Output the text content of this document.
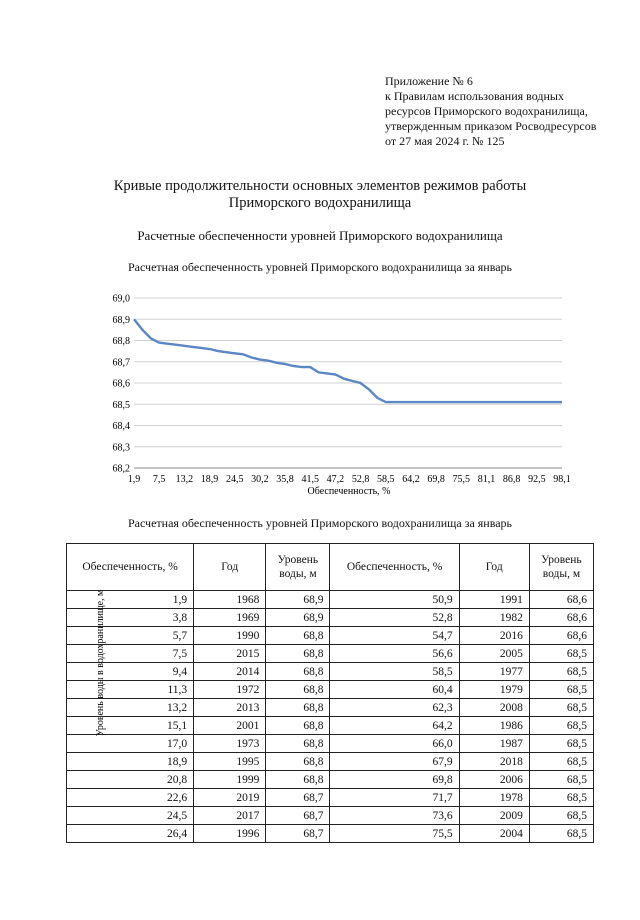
Приложение № 6
к Правилам использования водных
ресурсов Приморского водохранилища,
утвержденным приказом Росводресурсов
от 27 мая 2024 г. № 125
Кривые продолжительности основных элементов режимов работы
Приморского водохранилища
Расчетные обеспеченности уровней Приморского водохранилища
Расчетная обеспеченность уровней Приморского водохранилища за январь
68,2
68,3
68,4
68,5
68,6
68,7
68,8
68,9
69,0
1,9 7,5 13,2 18,9 24,5 30,2 35,8 41,5 47,2 52,8 58,5 64,2 69,8 75,5 81,1 86,8 92,5 98,1
Уровень воды в водохранилище, м
Обеспеченность, %
Расчетная обеспеченность уровней Приморского водохранилища за январь
Обеспеченность, %	Год	Уровень воды, м	Обеспеченность, %	Год	Уровень воды, м
1,9	1968	68,9	50,9	1991	68,6
3,8	1969	68,9	52,8	1982	68,6
5,7	1990	68,8	54,7	2016	68,6
7,5	2015	68,8	56,6	2005	68,5
9,4	2014	68,8	58,5	1977	68,5
11,3	1972	68,8	60,4	1979	68,5
13,2	2013	68,8	62,3	2008	68,5
15,1	2001	68,8	64,2	1986	68,5
17,0	1973	68,8	66,0	1987	68,5
18,9	1995	68,8	67,9	2018	68,5
20,8	1999	68,8	69,8	2006	68,5
22,6	2019	68,7	71,7	1978	68,5
24,5	2017	68,7	73,6	2009	68,5
26,4	1996	68,7	75,5	2004	68,5
